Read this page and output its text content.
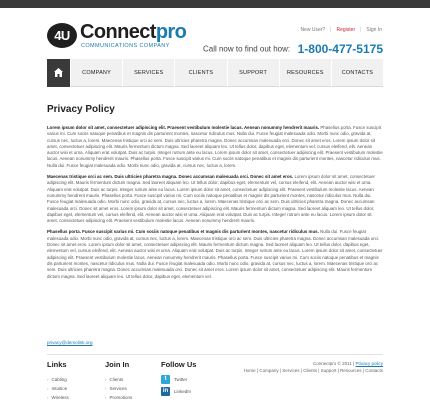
4U Connectpro
COMMUNICATIONS COMPANY
New User? | Register | Sign In
Call now to find out how: 1-800-477-5175
COMPANY	SERVICES	CLIENTS	SUPPORT	RESOURCES	CONTACTS
Privacy Policy

Lorem ipsum dolor sit amet, consectetuer adipiscing elit. Praesent vestibulum molestie lacus. Aenean nonummy hendrerit mauris. Phasellus porta. Fusce suscipit varius mi. Cum sociis natoque penatibus et magnis dis parturient montes, nascetur ridiculus mus. Nulla dui. Fusce feugiat malesuada odio. Morbi nunc odio, gravida at, cursus nec, luctus a, lorem. Maecenas tristique orci ac sem. Duis ultricies pharetra magna. Donec accumsan malesuada orci. Donec sit amet eros. Lorem ipsum dolor sit amet, consectetuer adipiscing elit. Mauris fermentum dictum magna. Sed laoreet aliquam leo. Ut tellus dolor, dapibus eget, elementum vel, cursus eleifend, elit. Aenean auctor wisi et urna. Aliquam erat volutpat. Duis ac turpis. Integer rutrum ante eu lacus. Lorem ipsum dolor sit amet, consectetuer adipiscing elit. Praesent vestibulum molestie lacus. Aenean nonummy hendrerit mauris. Phasellus porta. Fusce suscipit varius mi. Cum sociis natoque penatibus et magnis dis parturient montes, nascetur ridiculus mus. Nulla dui. Fusce feugiat malesuada odio. Morbi nunc odio, gravida at, cursus nec, luctus a, lorem.

Maecenas tristique orci ac sem. Duis ultricies pharetra magna. Donec accumsan malesuada orci. Donec sit amet eros. Lorem ipsum dolor sit amet, consectetuer adipiscing elit. Mauris fermentum dictum magna. Sed laoreet aliquam leo. Ut tellus dolor, dapibus eget, elementum vel, cursus eleifend, elit. Aenean auctor wisi et urna. Aliquam erat volutpat. Duis ac turpis. Integer rutrum ante eu lacus. Lorem ipsum dolor sit amet, consectetuer adipiscing elit. Praesent vestibulum molestie lacus. Aenean nonummy hendrerit mauris. Phasellus porta. Fusce suscipit varius mi. Cum sociis natoque penatibus et magnis dis parturient montes, nascetur ridiculus mus. Nulla dui. Fusce feugiat malesuada odio. Morbi nunc odio, gravida at, cursus nec, luctus a, lorem. Maecenas tristique orci ac sem. Duis ultricies pharetra magna. Donec accumsan malesuada orci. Donec sit amet eros. Lorem ipsum dolor sit amet, consectetuer adipiscing elit. Mauris fermentum dictum magna. Sed laoreet aliquam leo. Ut tellus dolor, dapibus eget, elementum vel, cursus eleifend, elit. Aenean auctor wisi et urna. Aliquam erat volutpat. Duis ac turpis. Integer rutrum ante eu lacus. Lorem ipsum dolor sit amet, consectetuer adipiscing elit. Praesent vestibulum molestie lacus. Aenean nonummy hendrerit mauris.

Phasellus porta. Fusce suscipit varius mi. Cum sociis natoque penatibus et magnis dis parturient montes, nascetur ridiculus mus. Nulla dui. Fusce feugiat malesuada odio. Morbi nunc odio, gravida at, cursus nec, luctus a, lorem. Maecenas tristique orci ac sem. Duis ultricies pharetra magna. Donec accumsan malesuada orci. Donec sit amet eros. Lorem ipsum dolor sit amet, consectetuer adipiscing elit. Mauris fermentum dictum magna. Sed laoreet aliquam leo. Ut tellus dolor, dapibus eget, elementum vel, cursus eleifend, elit. Aenean auctor wisi et urna. Aliquam erat volutpat. Duis ac turpis. Integer rutrum ante eu lacus. Lorem ipsum dolor sit amet, consectetuer adipiscing elit. Praesent vestibulum molestie lacus. Aenean nonummy hendrerit mauris. Phasellus porta. Fusce suscipit varius mi. Cum sociis natoque penatibus et magnis dis parturient montes, nascetur ridiculus mus. Nulla dui. Fusce feugiat malesuada odio. Morbi nunc odio, gravida at, cursus nec, luctus a, lorem. Maecenas tristique orci ac sem. Duis ultricies pharetra magna. Donec accumsan malesuada orci. Donec sit amet eros. Lorem ipsum dolor sit amet, consectetuer adipiscing elit. Mauris fermentum dictum magna. Sed laoreet aliquam leo. Ut tellus dolor, dapibus eget, elementum vel.

privacy@demolink.org
Links
› Cabling
› Intuition
› Wireless
Join In
› Clients
› Services
› Promotions
Follow Us
t	Twitter
in	LinkedIn
Connectpro © 2011 | Privacy policy
Home | Company | Services | Clients | Support | Resources | Contacts
